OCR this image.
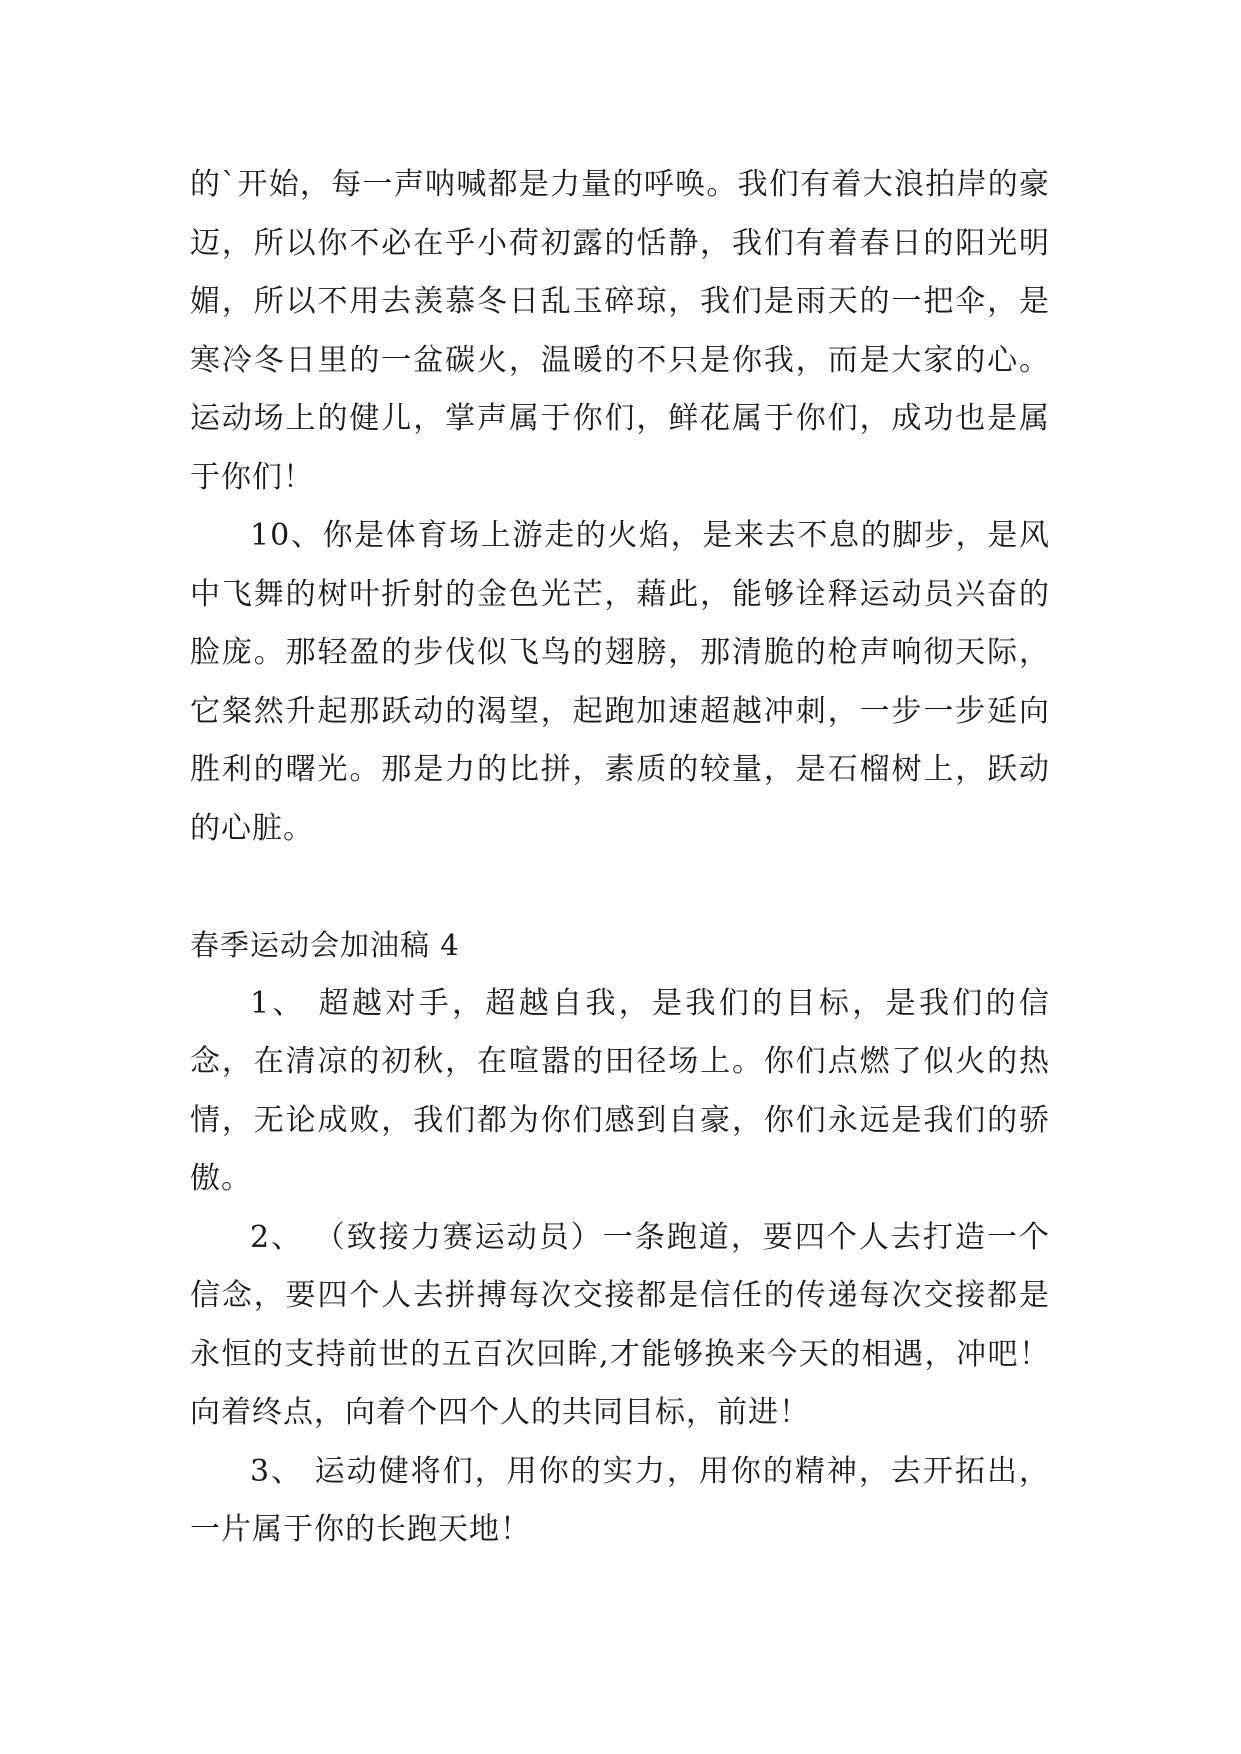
的`开始，每一声呐喊都是力量的呼唤。我们有着大浪拍岸的豪迈，所以你不必在乎小荷初露的恬静，我们有着春日的阳光明媚，所以不用去羡慕冬日乱玉碎琼，我们是雨天的一把伞，是寒冷冬日里的一盆碳火，温暖的不只是你我，而是大家的心。运动场上的健儿，掌声属于你们，鲜花属于你们，成功也是属于你们！

10、你是体育场上游走的火焰，是来去不息的脚步，是风中飞舞的树叶折射的金色光芒，藉此，能够诠释运动员兴奋的脸庞。那轻盈的步伐似飞鸟的翅膀，那清脆的枪声响彻天际，它粲然升起那跃动的渴望，起跑加速超越冲刺，一步一步延向胜利的曙光。那是力的比拼，素质的较量，是石榴树上，跃动的心脏。

春季运动会加油稿 4

1、 超越对手，超越自我，是我们的目标，是我们的信念，在清凉的初秋，在喧嚣的田径场上。你们点燃了似火的热情，无论成败，我们都为你们感到自豪，你们永远是我们的骄傲。

2、 （致接力赛运动员）一条跑道，要四个人去打造一个信念，要四个人去拼搏每次交接都是信任的传递每次交接都是永恒的支持前世的五百次回眸,才能够换来今天的相遇，冲吧！向着终点，向着个四个人的共同目标，前进！

3、 运动健将们，用你的实力，用你的精神，去开拓出，一片属于你的长跑天地！
